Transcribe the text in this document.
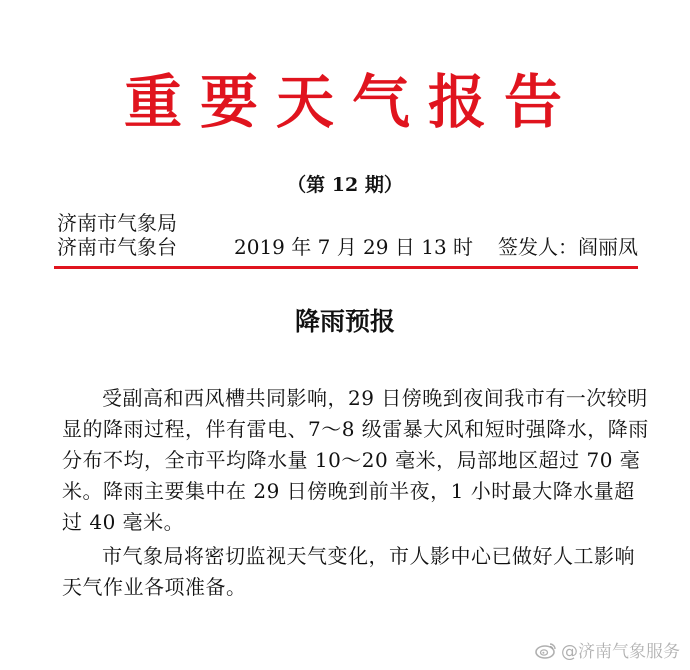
重要天气报告
（第 12 期）
济南市气象局
济南市气象台	2019 年 7 月 29 日 13 时 签发人：阎丽凤
降雨预报

受副高和西风槽共同影响，29 日傍晚到夜间我市有一次较明显的降雨过程，伴有雷电、7～8 级雷暴大风和短时强降水，降雨分布不均，全市平均降水量 10～20 毫米，局部地区超过 70 毫米。降雨主要集中在 29 日傍晚到前半夜，1 小时最大降水量超过 40 毫米。

市气象局将密切监视天气变化，市人影中心已做好人工影响天气作业各项准备。

@济南气象服务
